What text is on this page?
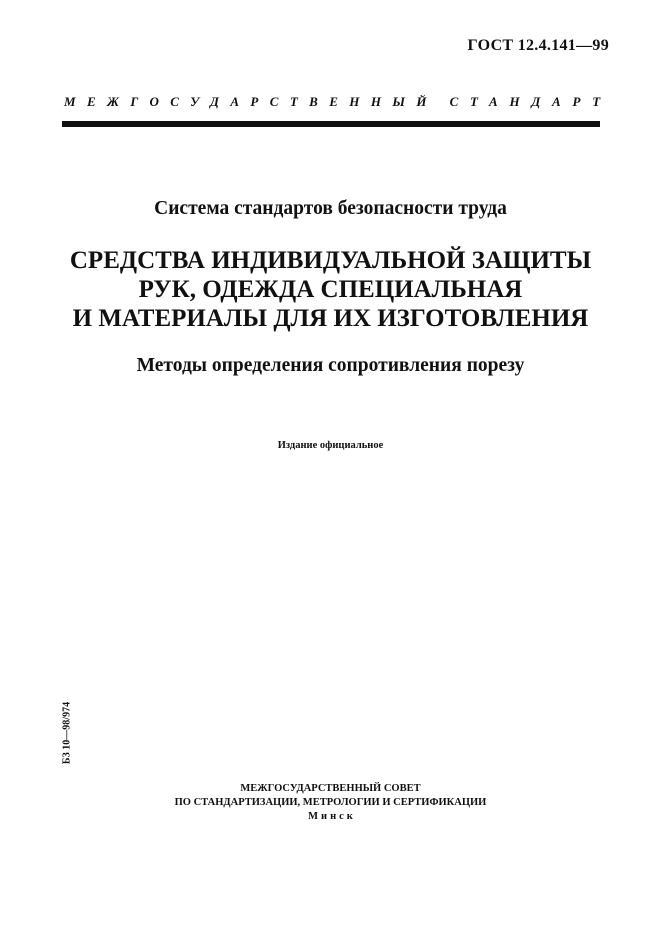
ГОСТ 12.4.141—99
МЕЖГОСУДАРСТВЕННЫЙ СТАНДАРТ
Система стандартов безопасности труда
СРЕДСТВА ИНДИВИДУАЛЬНОЙ ЗАЩИТЫ
РУК, ОДЕЖДА СПЕЦИАЛЬНАЯ
И МАТЕРИАЛЫ ДЛЯ ИХ ИЗГОТОВЛЕНИЯ
Методы определения сопротивления порезу
Издание официальное
БЗ 10—98/974
МЕЖГОСУДАРСТВЕННЫЙ СОВЕТ
ПО СТАНДАРТИЗАЦИИ, МЕТРОЛОГИИ И СЕРТИФИКАЦИИ
Минск
